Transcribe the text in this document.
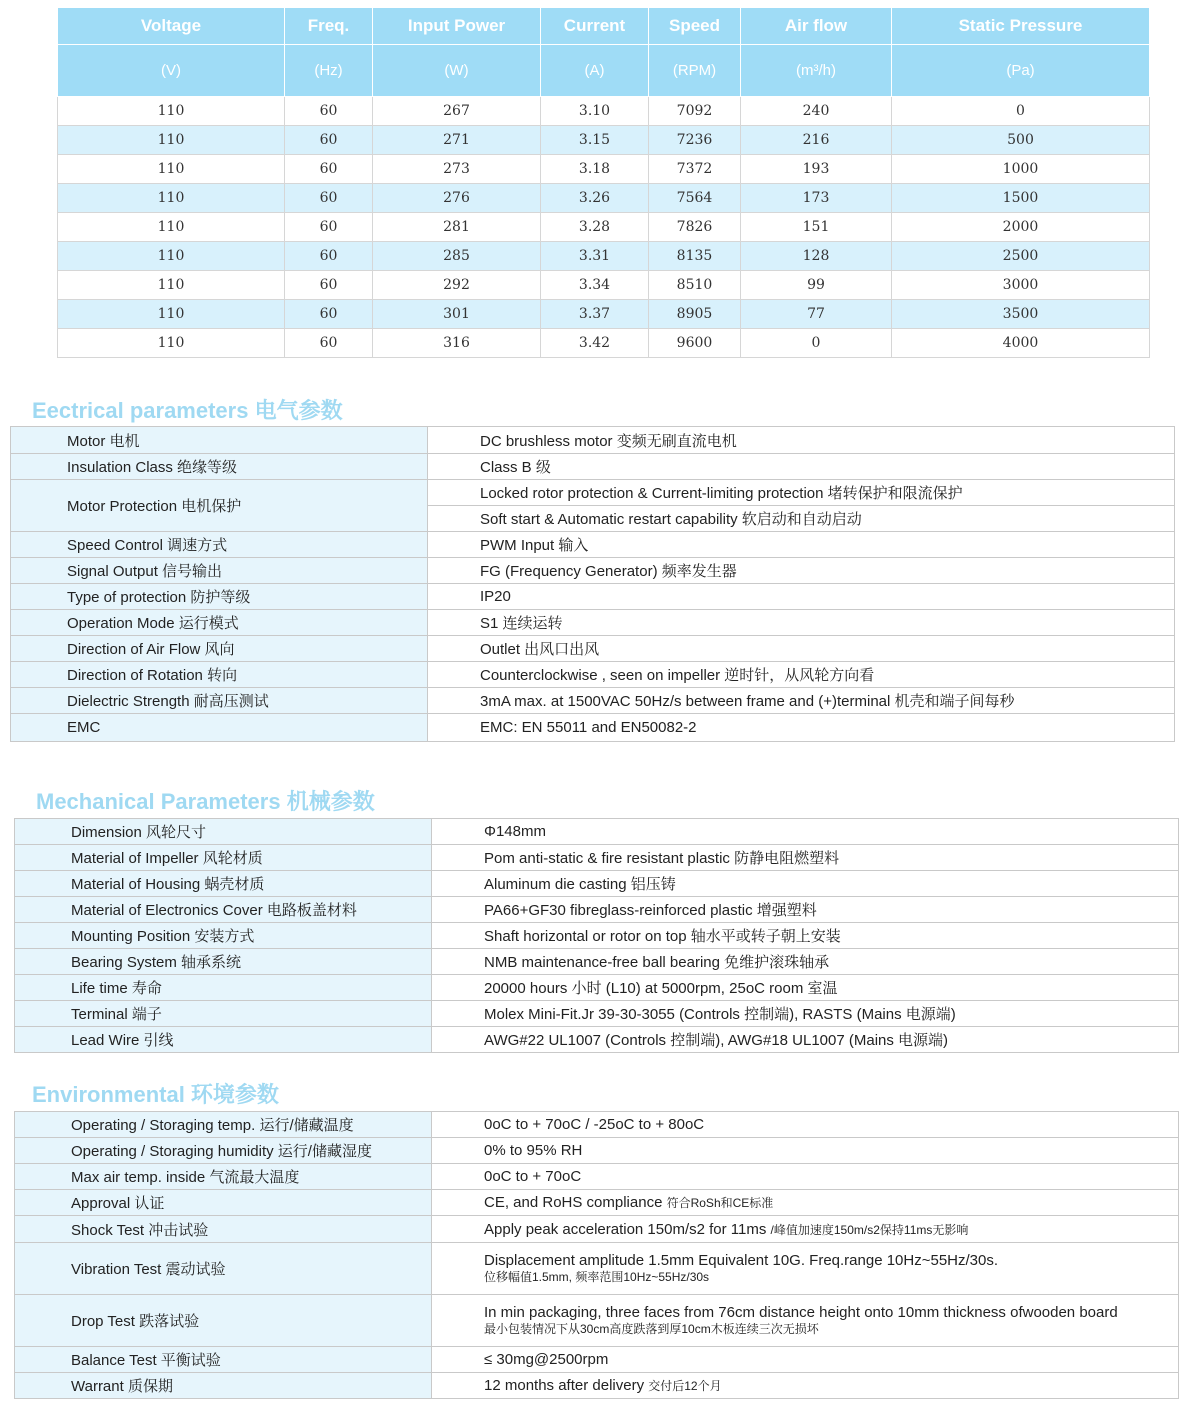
Voltage	Freq.	Input Power	Current	Speed	Air flow	Static Pressure
(V)	(Hz)	(W)	(A)	(RPM)	(m³/h)	(Pa)
110	60	267	3.10	7092	240	0
110	60	271	3.15	7236	216	500
110	60	273	3.18	7372	193	1000
110	60	276	3.26	7564	173	1500
110	60	281	3.28	7826	151	2000
110	60	285	3.31	8135	128	2500
110	60	292	3.34	8510	99	3000
110	60	301	3.37	8905	77	3500
110	60	316	3.42	9600	0	4000
Eectrical parameters 电气参数
Motor 电机	DC brushless motor 变频无刷直流电机
Insulation Class 绝缘等级	Class B 级
Motor Protection 电机保护	Locked rotor protection & Current-limiting protection 堵转保护和限流保护
	Soft start & Automatic restart capability 软启动和自动启动
Speed Control 调速方式	PWM Input 输入
Signal Output 信号输出	FG (Frequency Generator) 频率发生器
Type of protection 防护等级	IP20
Operation Mode 运行模式	S1 连续运转
Direction of Air Flow 风向	Outlet 出风口出风
Direction of Rotation 转向	Counterclockwise , seen on impeller 逆时针，从风轮方向看
Dielectric Strength 耐高压测试	3mA max. at 1500VAC 50Hz/s between frame and (+)terminal 机壳和端子间每秒
EMC	EMC: EN 55011 and EN50082-2
Mechanical Parameters 机械参数
Dimension 风轮尺寸	Φ148mm
Material of Impeller 风轮材质	Pom anti-static & fire resistant plastic 防静电阻燃塑料
Material of Housing 蜗壳材质	Aluminum die casting 铝压铸
Material of Electronics Cover 电路板盖材料	PA66+GF30 fibreglass-reinforced plastic 增强塑料
Mounting Position 安装方式	Shaft horizontal or rotor on top 轴水平或转子朝上安装
Bearing System 轴承系统	NMB maintenance-free ball bearing 免维护滚珠轴承
Life time 寿命	20000 hours 小时 (L10) at 5000rpm, 25oC room 室温
Terminal 端子	Molex Mini-Fit.Jr 39-30-3055 (Controls 控制端), RASTS (Mains 电源端)
Lead Wire 引线	AWG#22 UL1007 (Controls 控制端), AWG#18 UL1007 (Mains 电源端)
Environmental 环境参数
Operating / Storaging temp. 运行/储藏温度	0oC to + 70oC / -25oC to + 80oC
Operating / Storaging humidity 运行/储藏湿度	0% to 95% RH
Max air temp. inside 气流最大温度	0oC to + 70oC
Approval 认证	CE, and RoHS compliance 符合RoSh和CE标准
Shock Test 冲击试验	Apply peak acceleration 150m/s2 for 11ms /峰值加速度150m/s2保持11ms无影响
Vibration Test 震动试验	Displacement amplitude 1.5mm Equivalent 10G. Freq.range 10Hz~55Hz/30s.
位移幅值1.5mm, 频率范围10Hz~55Hz/30s

Drop Test 跌落试验	In min packaging, three faces from 76cm distance height onto 10mm thickness ofwooden board
最小包装情况下从30cm高度跌落到厚10cm木板连续三次无损坏

Balance Test 平衡试验	≤ 30mg@2500rpm
Warrant 质保期	12 months after delivery 交付后12个月
